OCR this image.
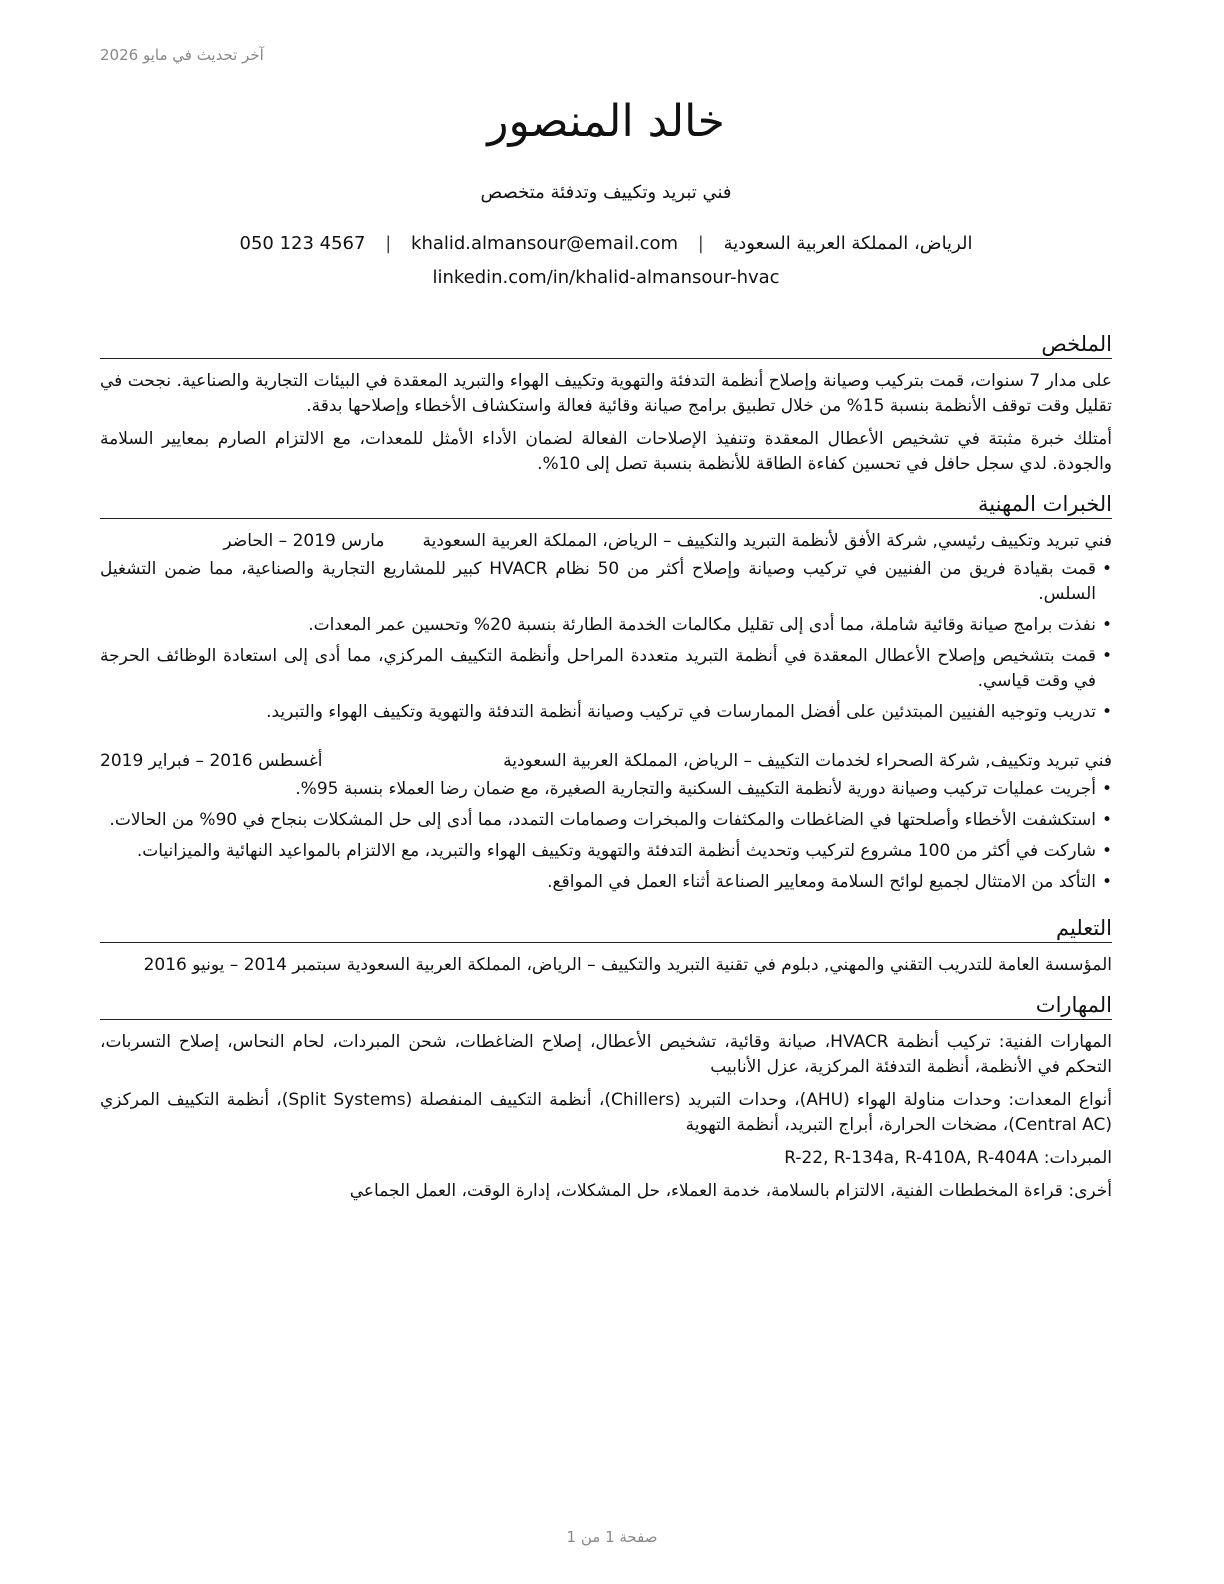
آخر تحديث في مايو 2026
خالد المنصور
فني تبريد وتكييف وتدفئة متخصص
الرياض، المملكة العربية السعودية | khalid.almansour@email.com | 050 123 4567
linkedin.com/in/khalid-almansour-hvac
الملخص
على مدار 7 سنوات، قمت بتركيب وصيانة وإصلاح أنظمة التدفئة والتهوية وتكييف الهواء والتبريد المعقدة في البيئات التجارية والصناعية. نجحت في تقليل وقت توقف الأنظمة بنسبة 15% من خلال تطبيق برامج صيانة وقائية فعالة واستكشاف الأخطاء وإصلاحها بدقة.
أمتلك خبرة مثبتة في تشخيص الأعطال المعقدة وتنفيذ الإصلاحات الفعالة لضمان الأداء الأمثل للمعدات، مع الالتزام الصارم بمعايير السلامة والجودة. لدي سجل حافل في تحسين كفاءة الطاقة للأنظمة بنسبة تصل إلى 10%.
الخبرات المهنية
فني تبريد وتكييف رئيسي, شركة الأفق لأنظمة التبريد والتكييف – الرياض، المملكة العربية السعودية
مارس 2019 – الحاضر
• قمت بقيادة فريق من الفنيين في تركيب وصيانة وإصلاح أكثر من 50 نظام HVACR كبير للمشاريع التجارية والصناعية، مما ضمن التشغيل السلس.
• نفذت برامج صيانة وقائية شاملة، مما أدى إلى تقليل مكالمات الخدمة الطارئة بنسبة 20% وتحسين عمر المعدات.
• قمت بتشخيص وإصلاح الأعطال المعقدة في أنظمة التبريد متعددة المراحل وأنظمة التكييف المركزي، مما أدى إلى استعادة الوظائف الحرجة في وقت قياسي.
• تدريب وتوجيه الفنيين المبتدئين على أفضل الممارسات في تركيب وصيانة أنظمة التدفئة والتهوية وتكييف الهواء والتبريد.
فني تبريد وتكييف, شركة الصحراء لخدمات التكييف – الرياض، المملكة العربية السعودية
أغسطس 2016 – فبراير 2019
• أجريت عمليات تركيب وصيانة دورية لأنظمة التكييف السكنية والتجارية الصغيرة، مع ضمان رضا العملاء بنسبة 95%.
• استكشفت الأخطاء وأصلحتها في الضاغطات والمكثفات والمبخرات وصمامات التمدد، مما أدى إلى حل المشكلات بنجاح في 90% من الحالات.
• شاركت في أكثر من 100 مشروع لتركيب وتحديث أنظمة التدفئة والتهوية وتكييف الهواء والتبريد، مع الالتزام بالمواعيد النهائية والميزانيات.
• التأكد من الامتثال لجميع لوائح السلامة ومعايير الصناعة أثناء العمل في المواقع.
التعليم
المؤسسة العامة للتدريب التقني والمهني, دبلوم في تقنية التبريد والتكييف – الرياض، المملكة العربية السعودية سبتمبر 2014 – يونيو 2016
المهارات
المهارات الفنية: تركيب أنظمة HVACR، صيانة وقائية، تشخيص الأعطال، إصلاح الضاغطات، شحن المبردات، لحام النحاس، إصلاح التسربات، التحكم في الأنظمة، أنظمة التدفئة المركزية، عزل الأنابيب
أنواع المعدات: وحدات مناولة الهواء (AHU)، وحدات التبريد (Chillers)، أنظمة التكييف المنفصلة (Split Systems)، أنظمة التكييف المركزي (Central AC)، مضخات الحرارة، أبراج التبريد، أنظمة التهوية
المبردات: R-22, R-134a, R-410A, R-404A
أخرى: قراءة المخططات الفنية، الالتزام بالسلامة، خدمة العملاء، حل المشكلات، إدارة الوقت، العمل الجماعي
صفحة 1 من 1
